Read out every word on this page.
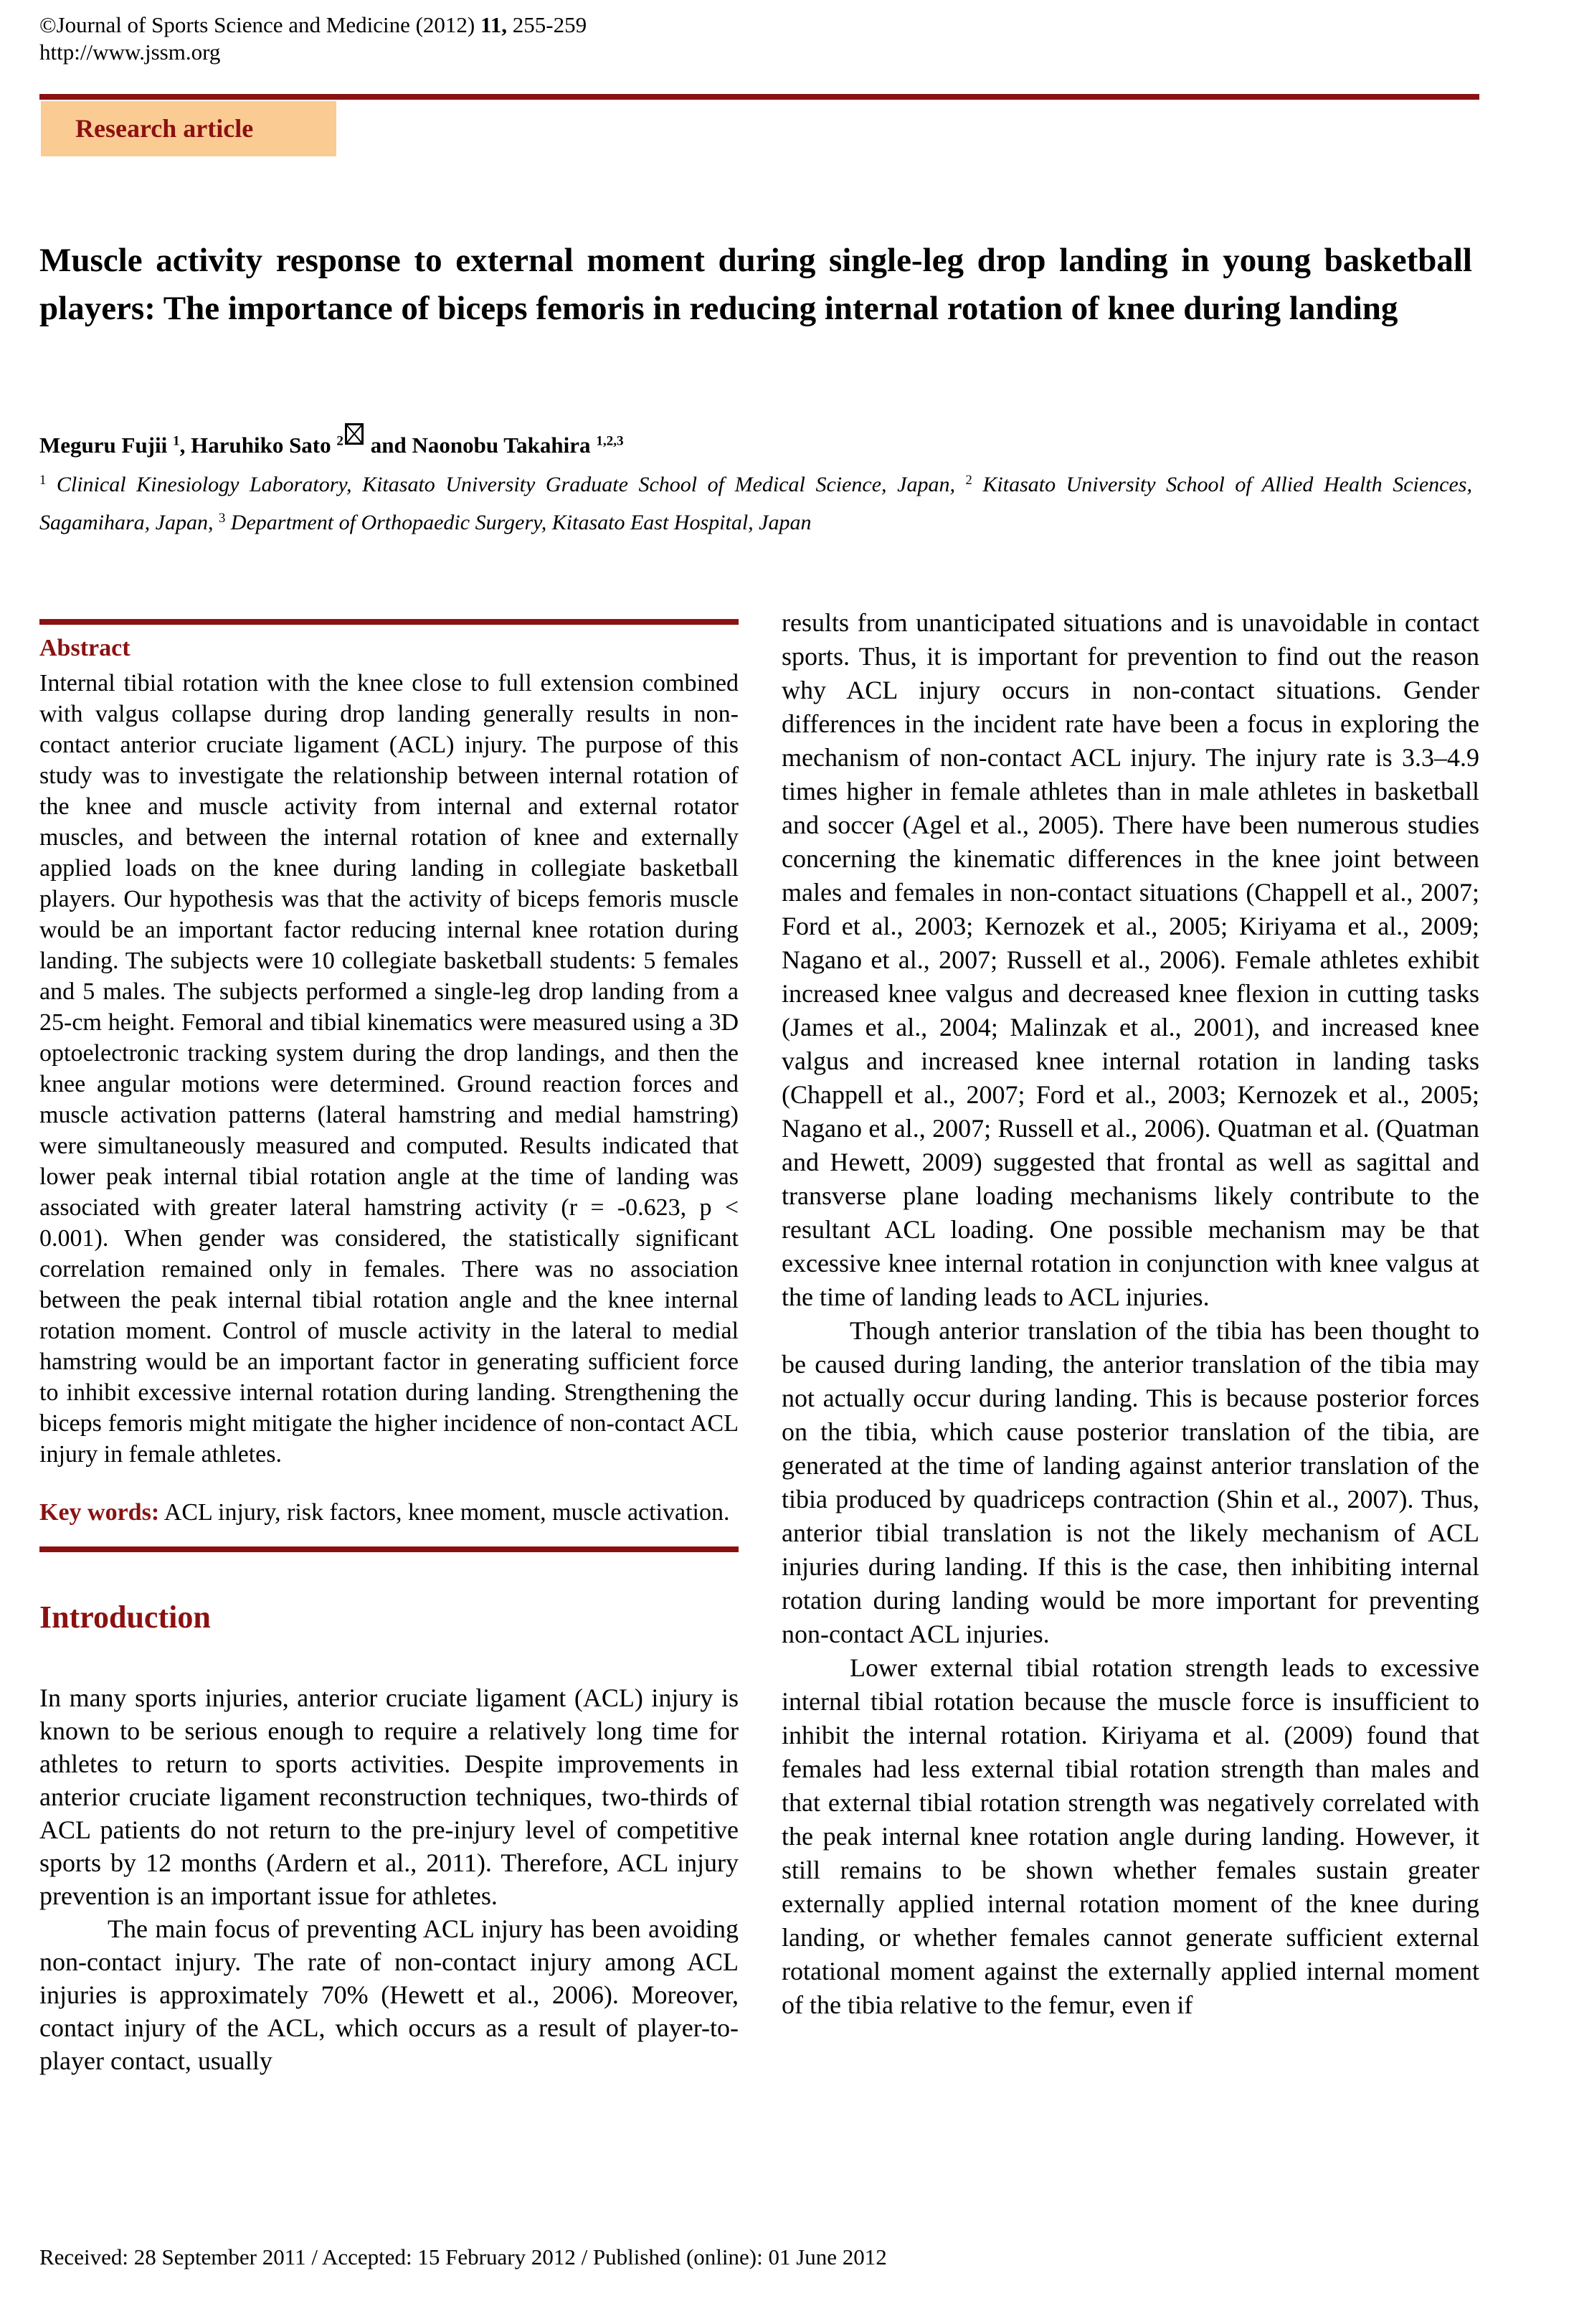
©Journal of Sports Science and Medicine (2012) 11, 255-259
http://www.jssm.org
Research article
Muscle activity response to external moment during single-leg drop landing in young basketball players: The importance of biceps femoris in reducing internal rotation of knee during landing
Meguru Fujii $^1$, Haruhiko Sato $^2$
and Naonobu Takahira $^{1,2,3}$

$^1$ Clinical Kinesiology Laboratory, Kitasato University Graduate School of Medical Science, Japan, $^2$ Kitasato University School of Allied Health Sciences, Sagamihara, Japan, $^3$ Department of Orthopaedic Surgery, Kitasato East Hospital, Japan

Abstract

Internal tibial rotation with the knee close to full extension combined with valgus collapse during drop landing generally results in non-contact anterior cruciate ligament (ACL) injury. The purpose of this study was to investigate the relationship between internal rotation of the knee and muscle activity from internal and external rotator muscles, and between the internal rotation of knee and externally applied loads on the knee during landing in collegiate basketball players. Our hypothesis was that the activity of biceps femoris muscle would be an important factor reducing internal knee rotation during landing. The subjects were 10 collegiate basketball students: 5 females and 5 males. The subjects performed a single-leg drop landing from a 25-cm height. Femoral and tibial kinematics were measured using a 3D optoelectronic tracking system during the drop landings, and then the knee angular motions were determined. Ground reaction forces and muscle activation patterns (lateral hamstring and medial hamstring) were simultaneously measured and computed. Results indicated that lower peak internal tibial rotation angle at the time of landing was associated with greater lateral hamstring activity (r = -0.623, p < 0.001). When gender was considered, the statistically significant correlation remained only in females. There was no association between the peak internal tibial rotation angle and the knee internal rotation moment. Control of muscle activity in the lateral to medial hamstring would be an important factor in generating sufficient force to inhibit excessive internal rotation during landing. Strengthening the biceps femoris might mitigate the higher incidence of non-contact ACL injury in female athletes.

Key words: ACL injury, risk factors, knee moment, muscle activation.

Introduction

In many sports injuries, anterior cruciate ligament (ACL) injury is known to be serious enough to require a relatively long time for athletes to return to sports activities. Despite improvements in anterior cruciate ligament reconstruction techniques, two-thirds of ACL patients do not return to the pre-injury level of competitive sports by 12 months (Ardern et al., 2011). Therefore, ACL injury prevention is an important issue for athletes.

The main focus of preventing ACL injury has been avoiding non-contact injury. The rate of non-contact injury among ACL injuries is approximately 70% (Hewett et al., 2006). Moreover, contact injury of the ACL, which occurs as a result of player-to-player contact, usually

results from unanticipated situations and is unavoidable in contact sports. Thus, it is important for prevention to find out the reason why ACL injury occurs in non-contact situations. Gender differences in the incident rate have been a focus in exploring the mechanism of non-contact ACL injury. The injury rate is 3.3–4.9 times higher in female athletes than in male athletes in basketball and soccer (Agel et al., 2005). There have been numerous studies concerning the kinematic differences in the knee joint between males and females in non-contact situations (Chappell et al., 2007; Ford et al., 2003; Kernozek et al., 2005; Kiriyama et al., 2009; Nagano et al., 2007; Russell et al., 2006). Female athletes exhibit increased knee valgus and decreased knee flexion in cutting tasks (James et al., 2004; Malinzak et al., 2001), and increased knee valgus and increased knee internal rotation in landing tasks (Chappell et al., 2007; Ford et al., 2003; Kernozek et al., 2005; Nagano et al., 2007; Russell et al., 2006). Quatman et al. (Quatman and Hewett, 2009) suggested that frontal as well as sagittal and transverse plane loading mechanisms likely contribute to the resultant ACL loading. One possible mechanism may be that excessive knee internal rotation in conjunction with knee valgus at the time of landing leads to ACL injuries.

Though anterior translation of the tibia has been thought to be caused during landing, the anterior translation of the tibia may not actually occur during landing. This is because posterior forces on the tibia, which cause posterior translation of the tibia, are generated at the time of landing against anterior translation of the tibia produced by quadriceps contraction (Shin et al., 2007). Thus, anterior tibial translation is not the likely mechanism of ACL injuries during landing. If this is the case, then inhibiting internal rotation during landing would be more important for preventing non-contact ACL injuries.

Lower external tibial rotation strength leads to excessive internal tibial rotation because the muscle force is insufficient to inhibit the internal rotation. Kiriyama et al. (2009) found that females had less external tibial rotation strength than males and that external tibial rotation strength was negatively correlated with the peak internal knee rotation angle during landing. However, it still remains to be shown whether females sustain greater externally applied internal rotation moment of the knee during landing, or whether females cannot generate sufficient external rotational moment against the externally applied internal moment of the tibia relative to the femur, even if

Received: 28 September 2011 / Accepted: 15 February 2012 / Published (online): 01 June 2012
